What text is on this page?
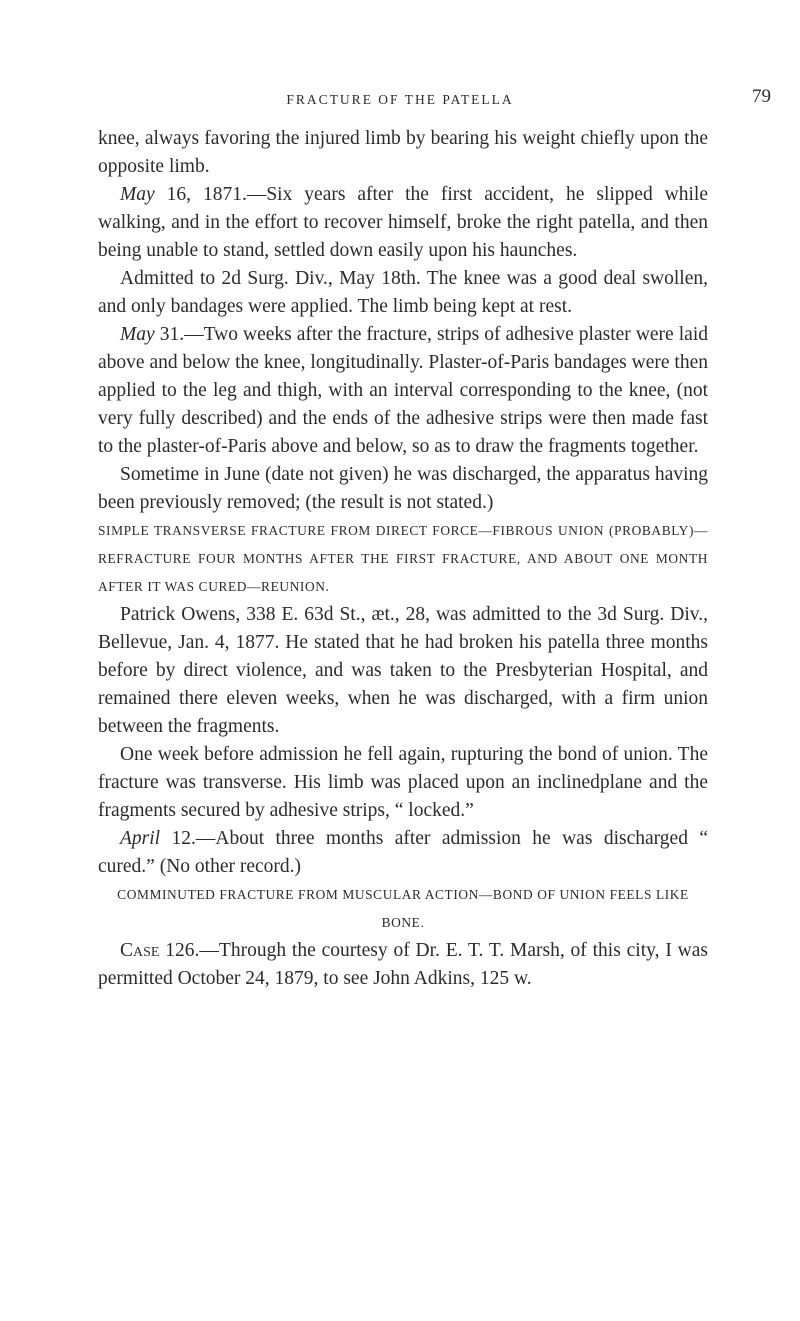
FRACTURE OF THE PATELLA	79

knee, always favoring the injured limb by bearing his weight chiefly upon the opposite limb.

May 16, 1871.—Six years after the first accident, he slipped while walking, and in the effort to recover himself, broke the right patella, and then being unable to stand, settled down easily upon his haunches.

Admitted to 2d Surg. Div., May 18th. The knee was a good deal swollen, and only bandages were applied. The limb being kept at rest.

May 31.—Two weeks after the fracture, strips of adhesive plaster were laid above and below the knee, longitudinally. Plaster-of-Paris bandages were then applied to the leg and thigh, with an interval corresponding to the knee, (not very fully described) and the ends of the adhesive strips were then made fast to the plaster-of-Paris above and below, so as to draw the fragments together.

Sometime in June (date not given) he was discharged, the apparatus having been previously removed; (the result is not stated.)

SIMPLE TRANSVERSE FRACTURE FROM DIRECT FORCE—FIBROUS UNION (PROBABLY)—REFRACTURE FOUR MONTHS AFTER THE FIRST FRACTURE, AND ABOUT ONE MONTH AFTER IT WAS CURED—REUNION.

Patrick Owens, 338 E. 63d St., æt., 28, was admitted to the 3d Surg. Div., Bellevue, Jan. 4, 1877. He stated that he had broken his patella three months before by direct violence, and was taken to the Presbyterian Hospital, and remained there eleven weeks, when he was discharged, with a firm union between the fragments.

One week before admission he fell again, rupturing the bond of union. The fracture was transverse. His limb was placed upon an inclinedplane and the fragments secured by adhesive strips, “ locked.”

April 12.—About three months after admission he was discharged “ cured.” (No other record.)

COMMINUTED FRACTURE FROM MUSCULAR ACTION—BOND OF UNION FEELS LIKE BONE.

Case 126.—Through the courtesy of Dr. E. T. T. Marsh, of this city, I was permitted October 24, 1879, to see John Adkins, 125 w.
